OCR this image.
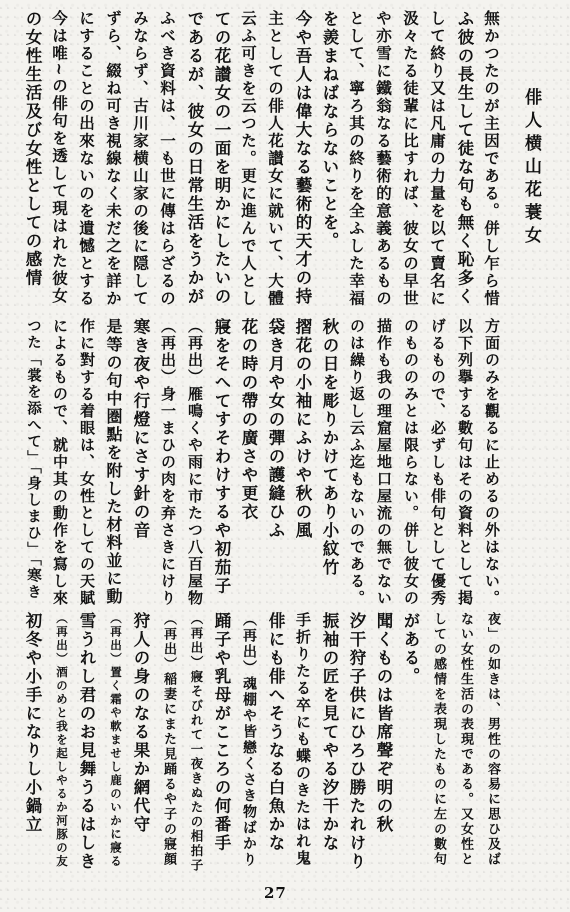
俳人横山花蓑女
無かつたのが主因である。併し乍ら惜
ふ彼の長生して徒な句も無く恥多く
して終り又は凡庸の力量を以て賣名に
汲々たる徒輩に比すれば、彼女の早世
や亦雪に鐵翁なる藝術的意義あるもの
として、寧ろ其の終りを全ふした幸福
を羨まねばならないことを。
今や吾人は偉大なる藝術的天才の持
主としての俳人花讃女に就いて、大體
云ふ可きを云つた。更に進んで人とし
ての花讃女の一面を明かにしたいの
であるが、彼女の日常生活をうかが
ふべき資料は、一も世に傳はらざるの
みならず、古川家横山家の後に隠して
ずら、綴ね可き視線なく未だ之を詳か
にすることの出來ないのを遺憾とする
今は唯~の俳句を透して現はれた彼女
の女性生活及び女性としての感情
方面のみを觀るに止めるの外はない。
以下列擧する數句はその資料として掲
げるもので、必ずしも俳句として優秀
のもののみとは限らない。併し彼女の
描作も我の理窟屋地口屋流の無でない
のは繰り返し云ふ迄もないのである。
秋の日を彫りかけてあり小紋竹
摺花の小袖にふけや秋の風
袋き月や女の彈の護縫ひふ
花の時の帶の廣さや更衣
寢をそへてすそわけするや初茄子
（再出）雁鳴くや雨に市たつ八百屋物
（再出）身一まひの肉を弃さきにけり
寒き夜や行燈にさす針の音
是等の句中圏點を附した材料並に動
作に對する着眼は、女性としての天賦
によるもので、就中其の動作を寫し來
つた「裳を添へて」「身しまひ」「寒き
夜」の如きは、男性の容易に思ひ及ば
ない女性生活の表現である。又女性と
しての感情を表現したものに左の數句
がある。
聞くものは皆席聲ぞ明の秋
汐干狩子供にひろひ勝たれけり
振袖の匠を見てやる汐干かな
手折りたる卒にも蝶のきたはれ鬼
俳にも俳へそうなる白魚かな
（再出）魂棚や皆戀くさき物ばかり
踊子や乳母がこころの何番手
（再出）寢そびれて一夜きぬたの相拍子
（再出）稲妻にまた見踊るや子の寢顔
狩人の身のなる果か網代守
（再出）置く霜や軟ませし鹿のいかに寢る
雪うれし君のお見舞うるはしき
（再出）酒のめと我を起しやるか河豚の友
初冬や小手になりし小鍋立
27
